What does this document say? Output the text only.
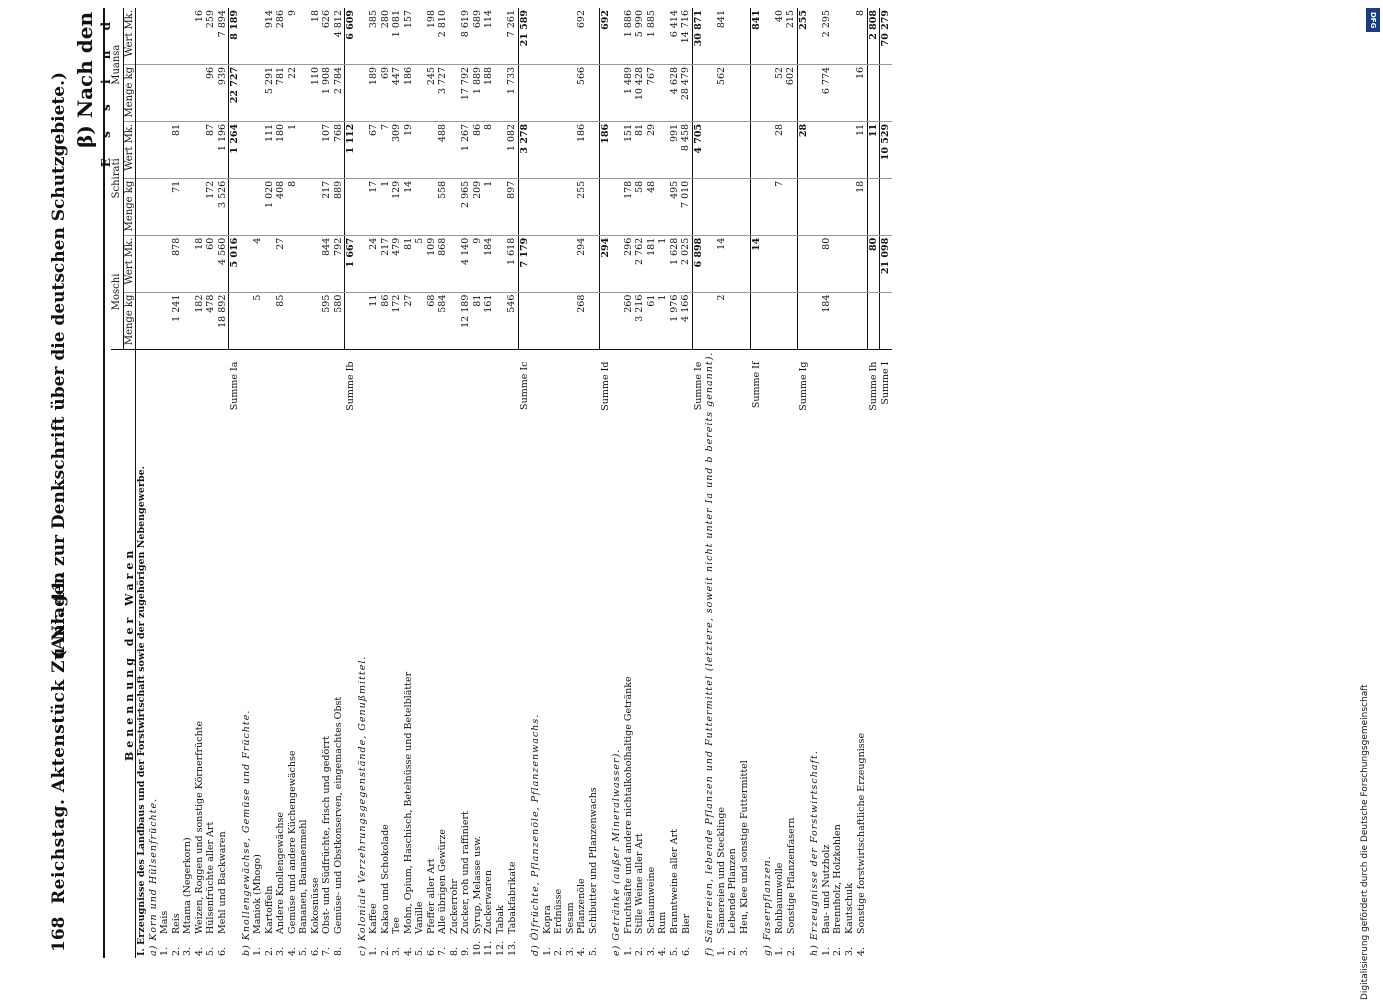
168
Reichstag. Aktenstück Zu Nr. 41.
(Anlagen zur Denkschrift über die deutschen Schutzgebiete.) β) Nach den E s s i n d
Benennung der Waren	Moschi		Schirati		Muansa	
	Menge kg	Wert Mk.	Menge kg	Wert Mk.	Menge kg	Wert Mk.
I. Erzeugnisse des Landbaus und der Forstwirtschaft sowie der zugehörigen Nebengewerbe.						
a) Korn und Hülsenfrüchte.						
1.Mais						
2.Reis	1 241	878	71	81		
3.Mtama (Negerkorn)						
4.Weizen, Roggen und sonstige Körnerfrüchte	182	18				16
5.Hülsenfrüchte aller Art	478	60	172	87	96	259
6.Mehl und Backwaren	18 892	4 560	3 526	1 196	939	7 894
Summe Ia		5 016		1 264	22 727	8 189
b) Knollengewächse, Gemüse und Früchte.						
1.Maniok (Mhogo)	5	4				
2.Kartoffeln			1 020	111	5 291	914
3.Andere Knollengewächse	85	27	408	180	781	286
4.Gemüse und andere Küchengewächse			8	1	22	9
5.Bananen, Bananenmehl						
6.Kokosnüsse					110	18
7.Obst- und Südfrüchte, frisch und gedörrt	595	844	217	107	1 908	626
8.Gemüse- und Obstkonserven, eingemachtes Obst	580	792	889	768	2 784	4 812
Summe Ib		1 667		1 112		6 609
c) Koloniale Verzehrungsgegenstände, Genußmittel.						
1.Kaffee	11	24	17	67	189	385
2.Kakao und Schokolade	86	217	1	7	69	280
3.Tee	172	479	129	309	447	1 081
4.Mohn, Opium, Haschisch, Betelnüsse und Betelblätter	27	81	14	19	186	157
5.Vanille		5				
6.Pfeffer aller Art	68	109			245	198
7.Alle übrigen Gewürze	584	868	558	488	3 727	2 810
8.Zuckerrohr						
9.Zucker, roh und raffiniert	12 189	4 140	2 965	1 267	17 792	8 619
10.Syrup, Melasse usw.	81	9	209	86	1 889	689
11.Zuckerwaren	161	184	1	8	188	114
12.Tabak						
13.Tabakfabrikate	546	1 618	897	1 082	1 733	7 261
Summe Ic		7 179		3 278		21 589
d) Ölfrüchte, Pflanzenöle, Pflanzenwachs.						
1.Kopra						
2.Erdnüsse						
3.Sesam						
4.Pflanzenöle	268	294	255	186	566	692
5.Schibutter und Pflanzenwachs						
Summe Id		294		186		692
e) Getränke (außer Mineralwasser).						
1.Fruchtsäfte und andere nichtalkoholhaltige Getränke	260	296	178	151	1 489	1 886
2.Stille Weine aller Art	3 216	2 762	58	81	10 428	5 990
3.Schaumweine	61	181	48	29	767	1 885
4.Rum	1	1				
5.Branntweine aller Art	1 976	1 628	495	991	4 628	6 414
6.Bier	4 166	2 025	7 010	8 458	28 479	14 716
Summe Ie		6 898		4 705		30 871
f) Sämereien, lebende Pflanzen und Futtermittel (letztere, soweit nicht unter Ia und b bereits genannt).						
1.Sämereien und Stecklinge	2	14			562	841
2.Lebende Pflanzen						
3.Heu, Klee und sonstige Futtermittel						
Summe If		14				841
g) Faserpflanzen.						
1.Rohbaumwolle			7	28	52	40
2.Sonstige Pflanzenfasern					602	215
Summe Ig				28		255
h) Erzeugnisse der Forstwirtschaft.						
1.Bau- und Nutzholz	184	80			6 774	2 295
2.Brennholz, Holzkohlen						
3.Kautschuk						
4.Sonstige forstwirtschaftliche Erzeugnisse			18	11	16	8
Summe Ih		80		11		2 808
Summe I		21 098		10 529		70 279	DFG
Digitalisierung gefördert durch die Deutsche Forschungsgemeinschaft
